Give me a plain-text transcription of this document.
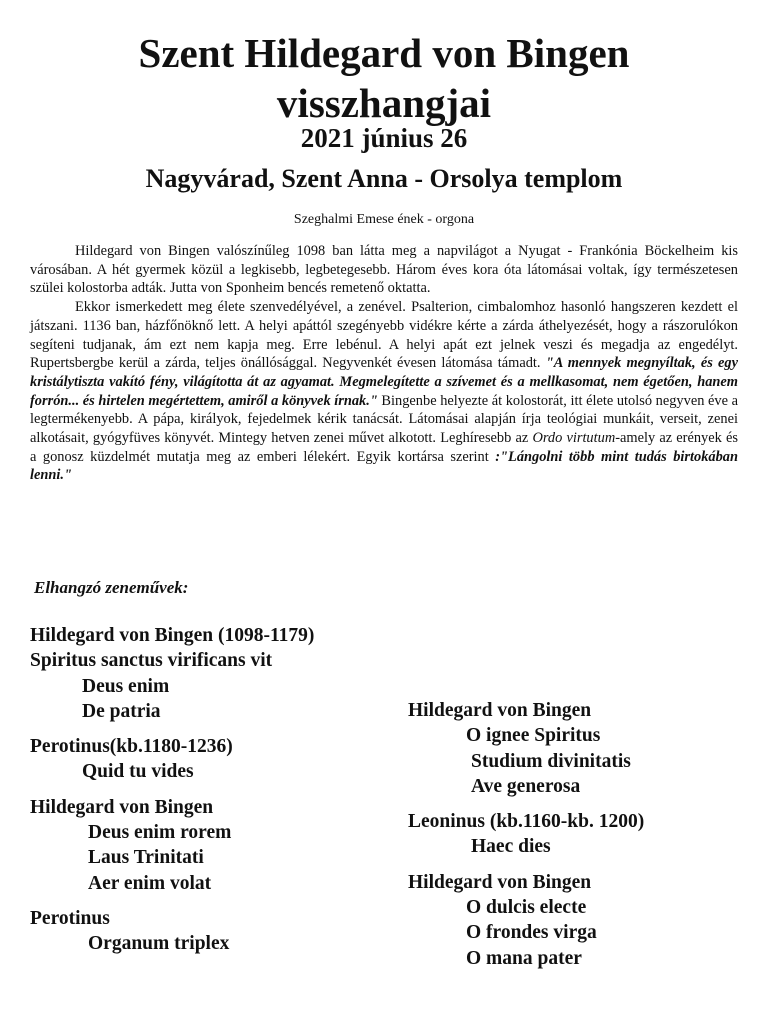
Szent Hildegard von Bingen
visszhangjai
2021 június 26
Nagyvárad, Szent Anna - Orsolya templom
Szeghalmi Emese ének - orgona

Hildegard von Bingen valószínűleg 1098 ban látta meg a napvilágot a Nyugat - Frankónia Böckelheim kis városában. A hét gyermek közül a legkisebb, legbetegesebb. Három éves kora óta látomásai voltak, így természetesen szülei kolostorba adták. Jutta von Sponheim bencés remetenő oktatta.

Ekkor ismerkedett meg élete szenvedélyével, a zenével. Psalterion, cimbalomhoz hasonló hangszeren kezdett el játszani. 1136 ban, házfőnöknő lett. A helyi apáttól szegényebb vidékre kérte a zárda áthelyezését, hogy a rászorulókon segíteni tudjanak, ám ezt nem kapja meg. Erre lebénul. A helyi apát ezt jelnek veszi és megadja az engedélyt. Rupertsbergbe kerül a zárda, teljes önállósággal. Negyvenkét évesen látomása támadt. "A mennyek megnyíltak, és egy kristálytiszta vakító fény, világította át az agyamat. Megmelegítette a szívemet és a mellkasomat, nem égetően, hanem forrón... és hirtelen megértettem, amiről a könyvek írnak." Bingenbe helyezte át kolostorát, itt élete utolsó negyven éve a legtermékenyebb. A pápa, királyok, fejedelmek kérik tanácsát. Látomásai alapján írja teológiai munkáit, verseit, zenei alkotásait, gyógyfüves könyvét. Mintegy hetven zenei művet alkotott. Leghíresebb az Ordo virtutum-amely az erények és a gonosz küzdelmét mutatja meg az emberi lélekért. Egyik kortársa szerint :"Lángolni több mint tudás birtokában lenni."

Elhangzó zeneművek:
Hildegard von Bingen (1098-1179)
Spiritus sanctus virificans vit
Deus enim
De patria
Perotinus(kb.1180-1236)
Quid tu vides
Hildegard von Bingen
Deus enim rorem
Laus Trinitati
Aer enim volat
Perotinus
Organum triplex
Hildegard von Bingen
O ignee Spiritus
Studium divinitatis
Ave generosa
Leoninus (kb.1160-kb. 1200)
Haec dies
Hildegard von Bingen
O dulcis electe
O frondes virga
O mana pater
